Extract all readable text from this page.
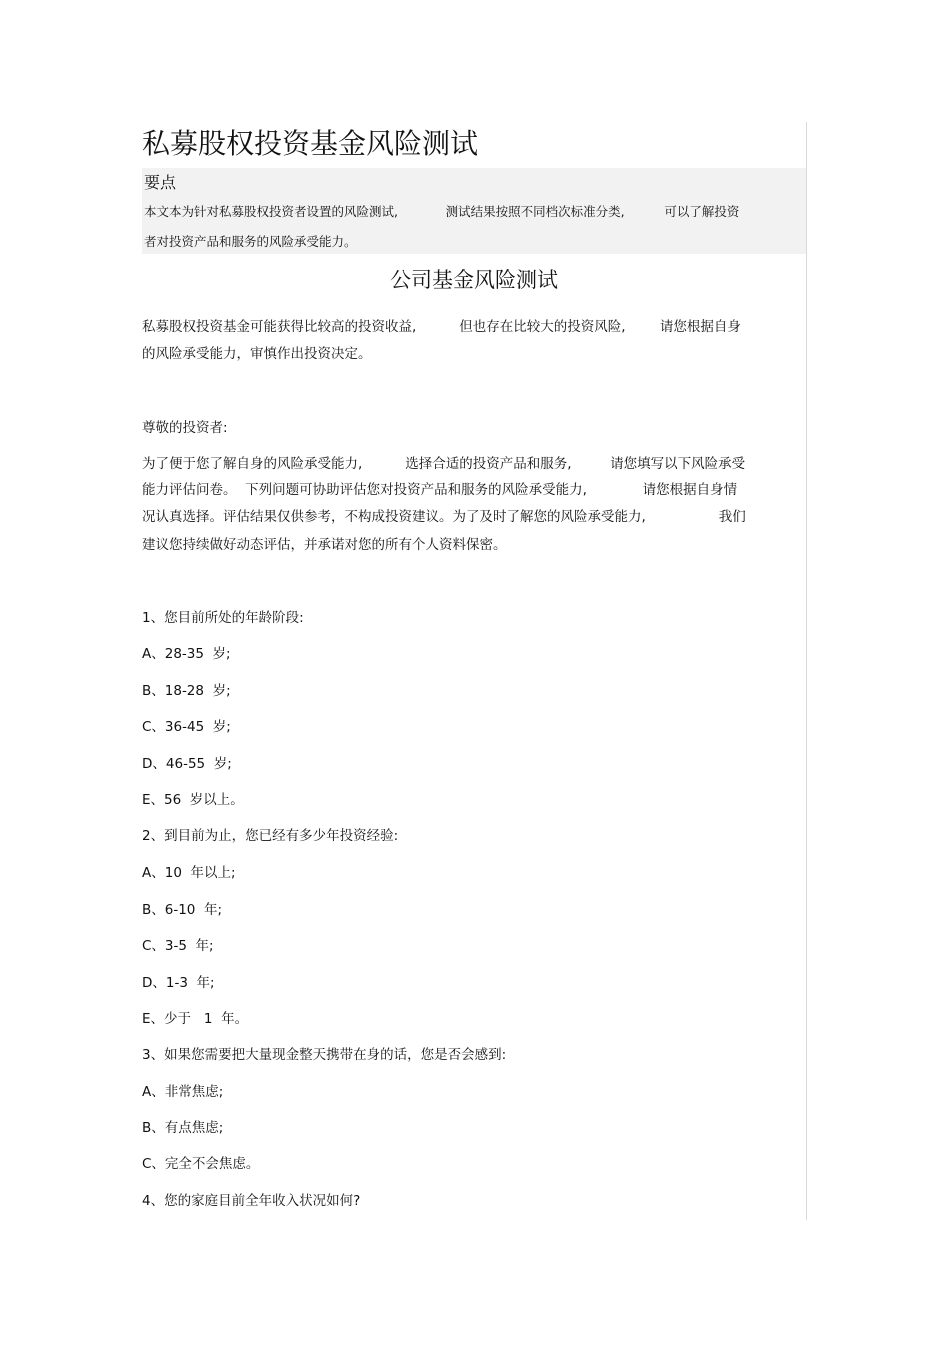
私募股权投资基金风险测试
要点
本文本为针对私募股权投资者设置的风险测试,            测试结果按照不同档次标准分类,          可以了解投资
者对投资产品和服务的风险承受能力。
公司基金风险测试
私募股权投资基金可能获得比较高的投资收益,          但也存在比较大的投资风险,        请您根据自身
的风险承受能力，审慎作出投资决定。
尊敬的投资者:
为了便于您了解自身的风险承受能力,          选择合适的投资产品和服务,         请您填写以下风险承受
能力评估问卷。  下列问题可协助评估您对投资产品和服务的风险承受能力,             请您根据自身情
况认真选择。评估结果仅供参考，不构成投资建议。为了及时了解您的风险承受能力,                 我们
建议您持续做好动态评估，并承诺对您的所有个人资料保密。
1、您目前所处的年龄阶段:
A、28-35  岁;
B、18-28  岁;
C、36-45  岁;
D、46-55  岁;
E、56  岁以上。
2、到目前为止，您已经有多少年投资经验:
A、10  年以上;
B、6-10  年;
C、3-5  年;
D、1-3  年;
E、少于   1  年。
3、如果您需要把大量现金整天携带在身的话，您是否会感到:
A、非常焦虑;
B、有点焦虑;
C、完全不会焦虑。
4、您的家庭目前全年收入状况如何?
